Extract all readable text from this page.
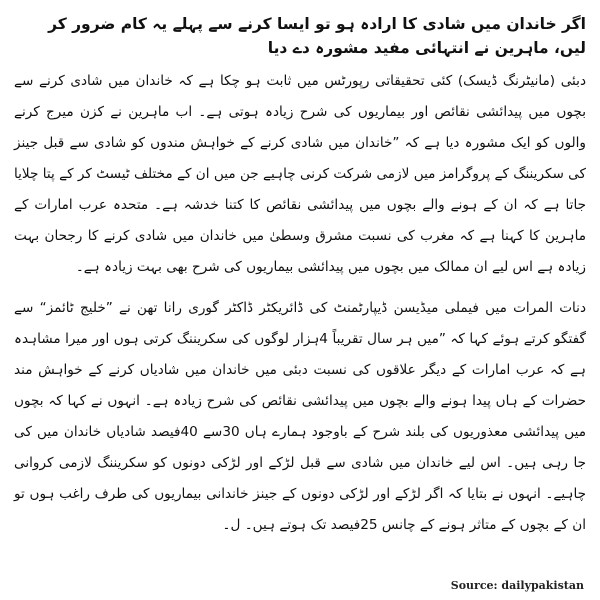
اگر خاندان میں شادی کا ارادہ ہو تو ایسا کرنے سے پہلے یہ کام ضرور کر لیں، ماہرین نے انتہائی مفید مشورہ دے دیا

دبئی (مانیٹرنگ ڈیسک) کئی تحقیقاتی رپورٹس میں ثابت ہو چکا ہے کہ خاندان میں شادی کرنے سے بچوں میں پیدائشی نقائص اور بیماریوں کی شرح زیادہ ہوتی ہے۔ اب ماہرین نے کزن میرج کرنے والوں کو ایک مشورہ دیا ہے کہ ”خاندان میں شادی کرنے کے خواہش مندوں کو شادی سے قبل جینز کی سکریننگ کے پروگرامز میں لازمی شرکت کرنی چاہیے جن میں ان کے مختلف ٹیسٹ کر کے پتا چلایا جاتا ہے کہ ان کے ہونے والے بچوں میں پیدائشی نقائص کا کتنا خدشہ ہے۔ متحدہ عرب امارات کے ماہرین کا کہنا ہے کہ مغرب کی نسبت مشرق وسطیٰ میں خاندان میں شادی کرنے کا رجحان بہت زیادہ ہے اس لیے ان ممالک میں بچوں میں پیدائشی بیماریوں کی شرح بھی بہت زیادہ ہے۔

دنات المرات میں فیملی میڈیسن ڈیپارٹمنٹ کی ڈائریکٹر ڈاکٹر گوری رانا تھن نے ”خلیج ٹائمز“ سے گفتگو کرتے ہوئے کہا کہ ”میں ہر سال تقریباً 4ہزار لوگوں کی سکریننگ کرتی ہوں اور میرا مشاہدہ ہے کہ عرب امارات کے دیگر علاقوں کی نسبت دبئی میں خاندان میں شادیاں کرنے کے خواہش مند حضرات کے ہاں پیدا ہونے والے بچوں میں پیدائشی نقائص کی شرح زیادہ ہے۔ انہوں نے کہا کہ بچوں میں پیدائشی معذوریوں کی بلند شرح کے باوجود ہمارے ہاں 30سے 40فیصد شادیاں خاندان میں کی جا رہی ہیں۔ اس لیے خاندان میں شادی سے قبل لڑکے اور لڑکی دونوں کو سکریننگ لازمی کروانی چاہیے۔ انہوں نے بتایا کہ اگر لڑکے اور لڑکی دونوں کے جینز خاندانی بیماریوں کی طرف راغب ہوں تو ان کے بچوں کے متاثر ہونے کے چانس 25فیصد تک ہوتے ہیں۔ ل۔

Source: dailypakistan
